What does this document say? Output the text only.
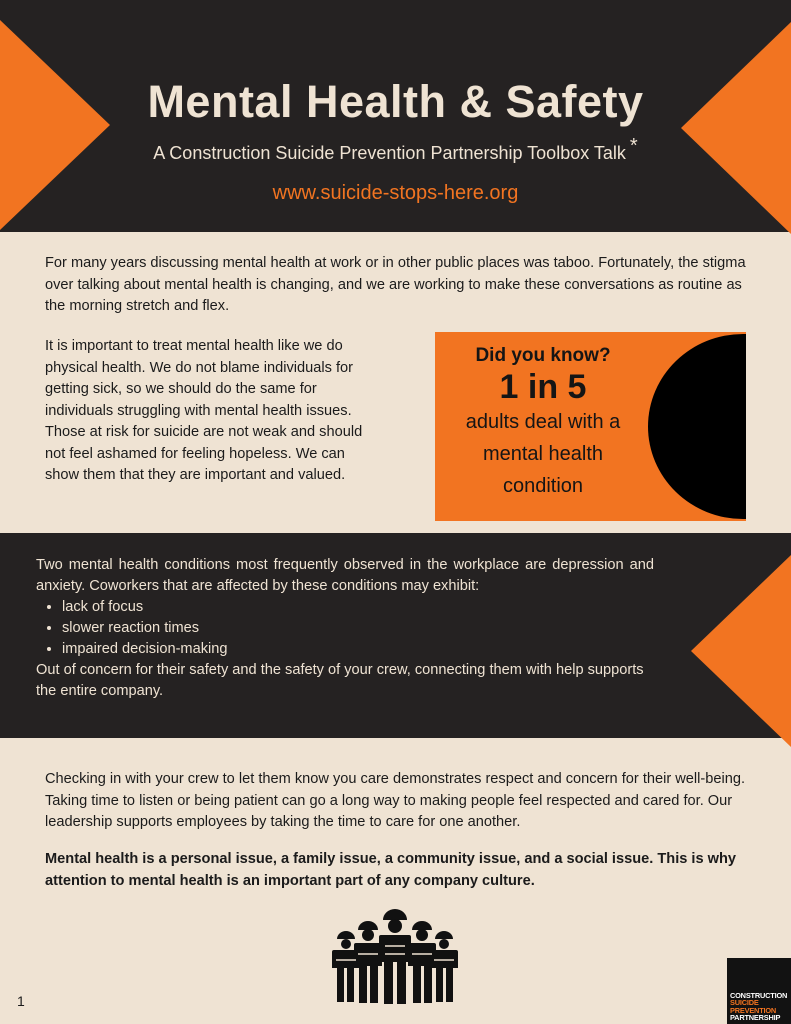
Mental Health & Safety
A Construction Suicide Prevention Partnership Toolbox Talk *
www.suicide-stops-here.org

For many years discussing mental health at work or in other public places was taboo. Fortunately, the stigma over talking about mental health is changing, and we are working to make these conversations as routine as the morning stretch and flex.

It is important to treat mental health like we do physical health. We do not blame individuals for getting sick, so we should do the same for individuals struggling with mental health issues. Those at risk for suicide are not weak and should not feel ashamed for feeling hopeless. We can show them that they are important and valued.

Did you know?
1 in 5
adults deal with a
mental health
condition

Two mental health conditions most frequently observed in the workplace are depression and anxiety. Coworkers that are affected by these conditions may exhibit:

• lack of focus
• slower reaction times
• impaired decision-making

Out of concern for their safety and the safety of your crew, connecting them with help supports the entire company.

Checking in with your crew to let them know you care demonstrates respect and concern for their well-being. Taking time to listen or being patient can go a long way to making people feel respected and cared for. Our leadership supports employees by taking the time to care for one another.

Mental health is a personal issue, a family issue, a community issue, and a social issue. This is why attention to mental health is an important part of any company culture.

1	CONSTRUCTION
SUICIDE
PREVENTION
PARTNERSHIP
